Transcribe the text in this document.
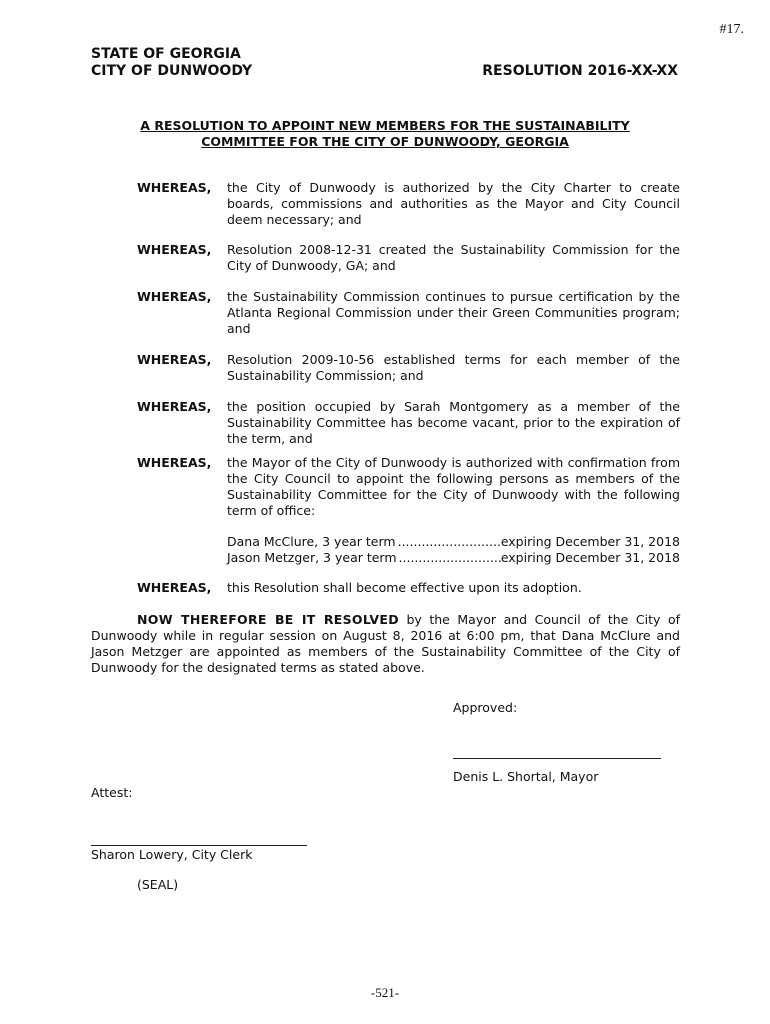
#17.
STATE OF GEORGIA
CITY OF DUNWOODY	RESOLUTION 2016-XX-XX
A RESOLUTION TO APPOINT NEW MEMBERS FOR THE SUSTAINABILITY
COMMITTEE FOR THE CITY OF DUNWOODY, GEORGIA
WHEREAS,	the City of Dunwoody is authorized by the City Charter to create boards, commissions and authorities as the Mayor and City Council deem necessary; and
WHEREAS,	Resolution 2008-12-31 created the Sustainability Commission for the City of Dunwoody, GA; and
WHEREAS,	the Sustainability Commission continues to pursue certification by the Atlanta Regional Commission under their Green Communities program; and
WHEREAS,	Resolution 2009-10-56 established terms for each member of the Sustainability Commission; and
WHEREAS,	the position occupied by Sarah Montgomery as a member of the Sustainability Committee has become vacant, prior to the expiration of the term, and
WHEREAS,	the Mayor of the City of Dunwoody is authorized with confirmation from the City Council to appoint the following persons as members of the Sustainability Committee for the City of Dunwoody with the following term of office:
Dana McClure, 3 year term .....	expiring December 31, 2018
Jason Metzger, 3 year term .....	expiring December 31, 2018
WHEREAS,	this Resolution shall become effective upon its adoption.
NOW THEREFORE BE IT RESOLVED by the Mayor and Council of the City of Dunwoody while in regular session on August 8, 2016 at 6:00 pm, that Dana McClure and Jason Metzger are appointed as members of the Sustainability Committee of the City of Dunwoody for the designated terms as stated above.
Approved:
Denis L. Shortal, Mayor
Attest:
Sharon Lowery, City Clerk
(SEAL)
-521-
